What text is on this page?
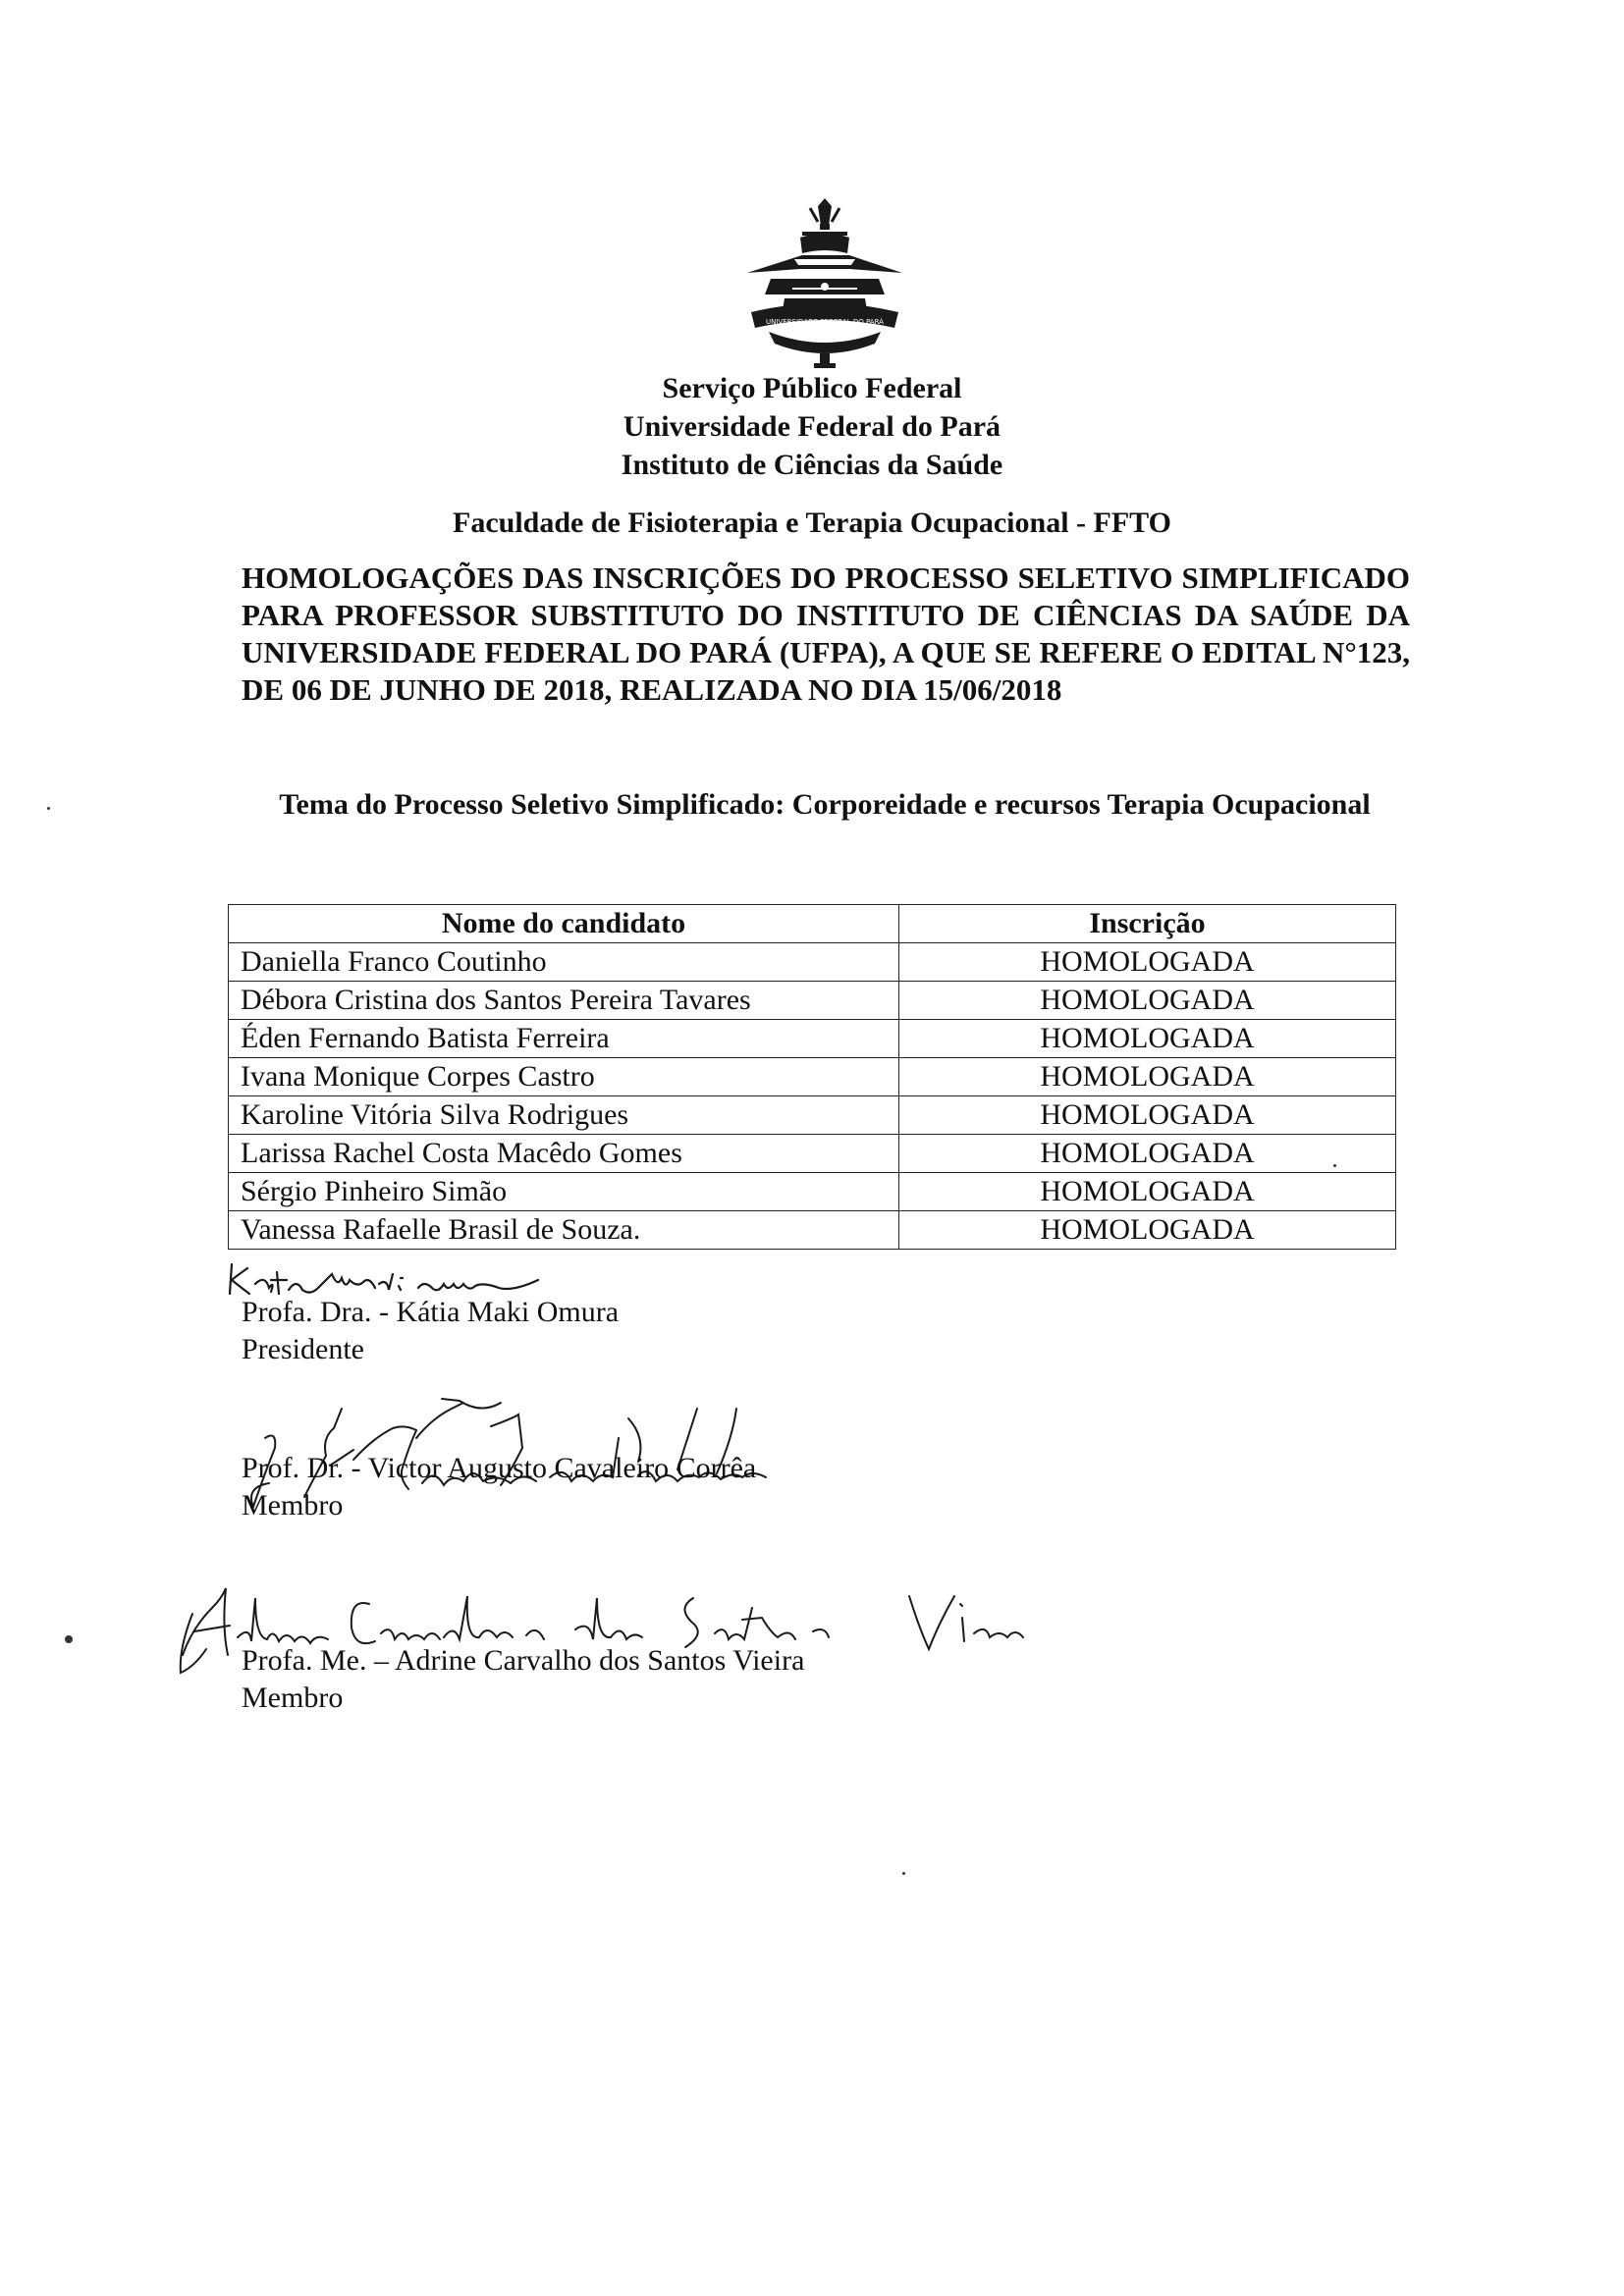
UNIVERSIDADE FEDERAL DO PARÁ
Serviço Público Federal
Universidade Federal do Pará
Instituto de Ciências da Saúde
Faculdade de Fisioterapia e Terapia Ocupacional - FFTO
HOMOLOGAÇÕES DAS INSCRIÇÕES DO PROCESSO SELETIVO SIMPLIFICADO PARA PROFESSOR SUBSTITUTO DO INSTITUTO DE CIÊNCIAS DA SAÚDE DA UNIVERSIDADE FEDERAL DO PARÁ (UFPA), A QUE SE REFERE O EDITAL N°123, DE 06 DE JUNHO DE 2018, REALIZADA NO DIA 15/06/2018
Tema do Processo Seletivo Simplificado: Corporeidade e recursos Terapia Ocupacional
Nome do candidato	Inscrição
Daniella Franco Coutinho	HOMOLOGADA
Débora Cristina dos Santos Pereira Tavares	HOMOLOGADA
Éden Fernando Batista Ferreira	HOMOLOGADA
Ivana Monique Corpes Castro	HOMOLOGADA
Karoline Vitória Silva Rodrigues	HOMOLOGADA
Larissa Rachel Costa Macêdo Gomes	HOMOLOGADA
Sérgio Pinheiro Simão	HOMOLOGADA
Vanessa Rafaelle Brasil de Souza.	HOMOLOGADA
Profa. Dra. - Kátia Maki Omura
Presidente
Prof. Dr. - Victor Augusto Cavaleiro Corrêa
Membro
Profa. Me. – Adrine Carvalho dos Santos Vieira
Membro
